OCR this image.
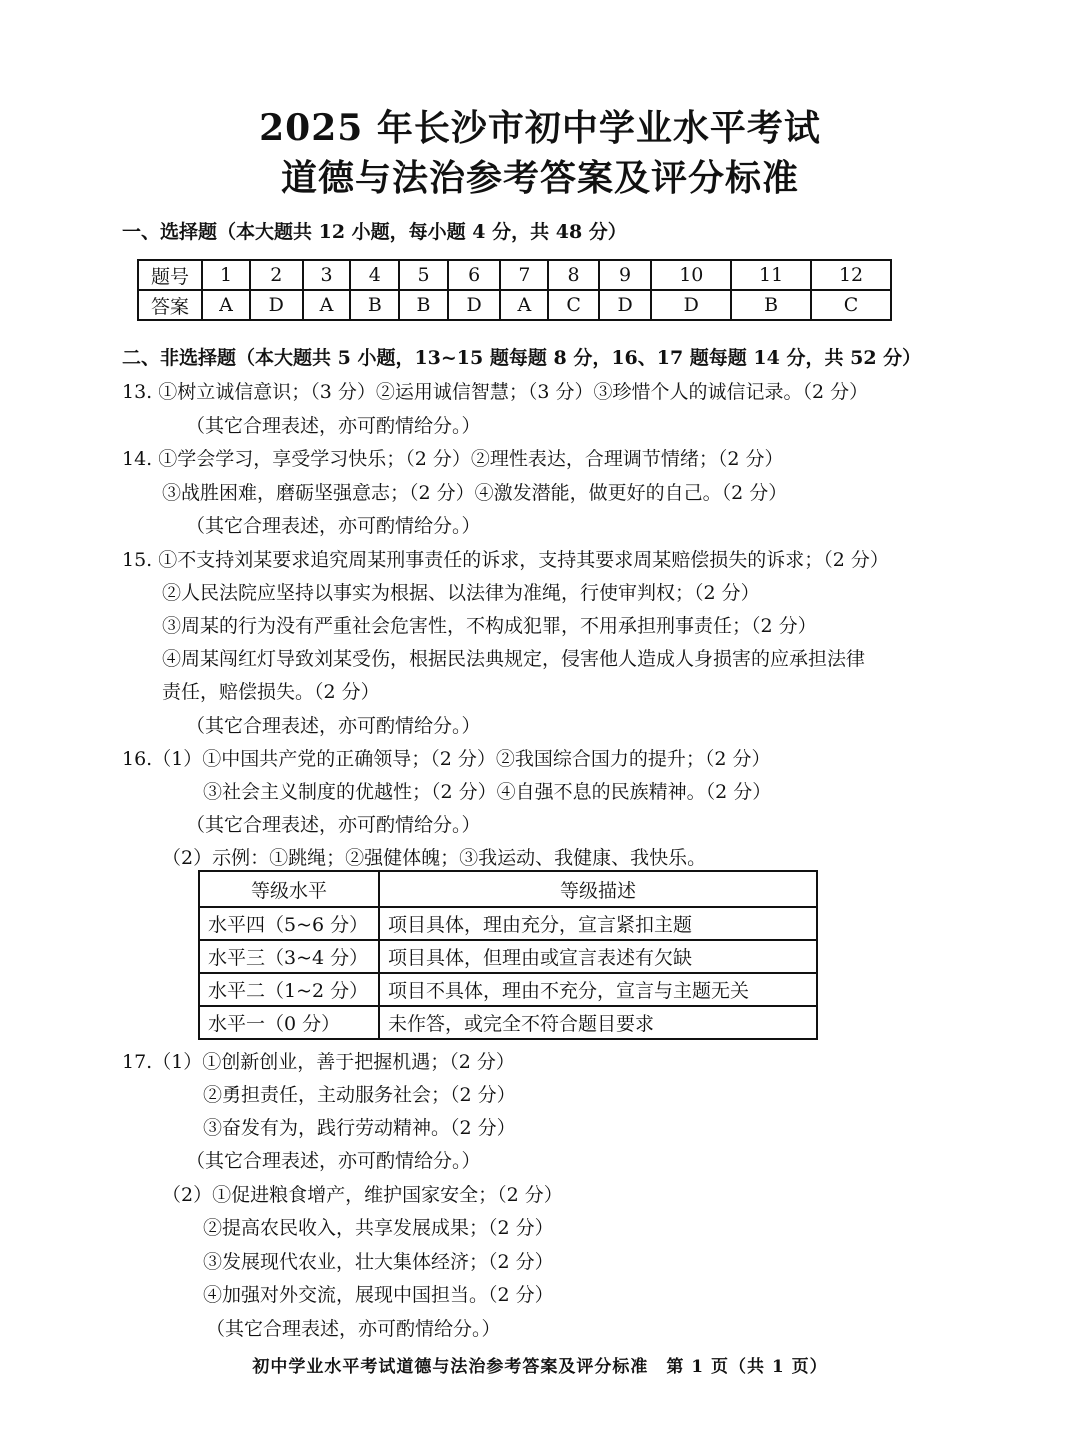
2025 年长沙市初中学业水平考试
道德与法治参考答案及评分标准
一、选择题（本大题共 12 小题，每小题 4 分，共 48 分）
题号	1	2	3	4	5	6	7	8	9	10	11	12
答案	A	D	A	B	B	D	A	C	D	D	B	C
二、非选择题（本大题共 5 小题，13~15 题每题 8 分，16、17 题每题 14 分，共 52 分）
13. ①树立诚信意识；（3 分）②运用诚信智慧；（3 分）③珍惜个人的诚信记录。（2 分）
（其它合理表述，亦可酌情给分。）
14. ①学会学习，享受学习快乐；（2 分）②理性表达，合理调节情绪；（2 分）
③战胜困难，磨砺坚强意志；（2 分）④激发潜能，做更好的自己。（2 分）
（其它合理表述，亦可酌情给分。）
15. ①不支持刘某要求追究周某刑事责任的诉求，支持其要求周某赔偿损失的诉求；（2 分）
②人民法院应坚持以事实为根据、以法律为准绳，行使审判权；（2 分）
③周某的行为没有严重社会危害性，不构成犯罪，不用承担刑事责任；（2 分）
④周某闯红灯导致刘某受伤，根据民法典规定，侵害他人造成人身损害的应承担法律
责任，赔偿损失。（2 分）
（其它合理表述，亦可酌情给分。）
16.（1）①中国共产党的正确领导；（2 分）②我国综合国力的提升；（2 分）
③社会主义制度的优越性；（2 分）④自强不息的民族精神。（2 分）
（其它合理表述，亦可酌情给分。）
（2）示例：①跳绳；②强健体魄；③我运动、我健康、我快乐。
等级水平	等级描述
水平四（5~6 分）	项目具体，理由充分，宣言紧扣主题
水平三（3~4 分）	项目具体，但理由或宣言表述有欠缺
水平二（1~2 分）	项目不具体，理由不充分，宣言与主题无关
水平一（0 分）	未作答，或完全不符合题目要求
17.（1）①创新创业，善于把握机遇；（2 分）
②勇担责任，主动服务社会；（2 分）
③奋发有为，践行劳动精神。（2 分）
（其它合理表述，亦可酌情给分。）
（2）①促进粮食增产，维护国家安全；（2 分）
②提高农民收入，共享发展成果；（2 分）
③发展现代农业，壮大集体经济；（2 分）
④加强对外交流，展现中国担当。（2 分）
（其它合理表述，亦可酌情给分。）
初中学业水平考试道德与法治参考答案及评分标准　第 1 页（共 1 页）
